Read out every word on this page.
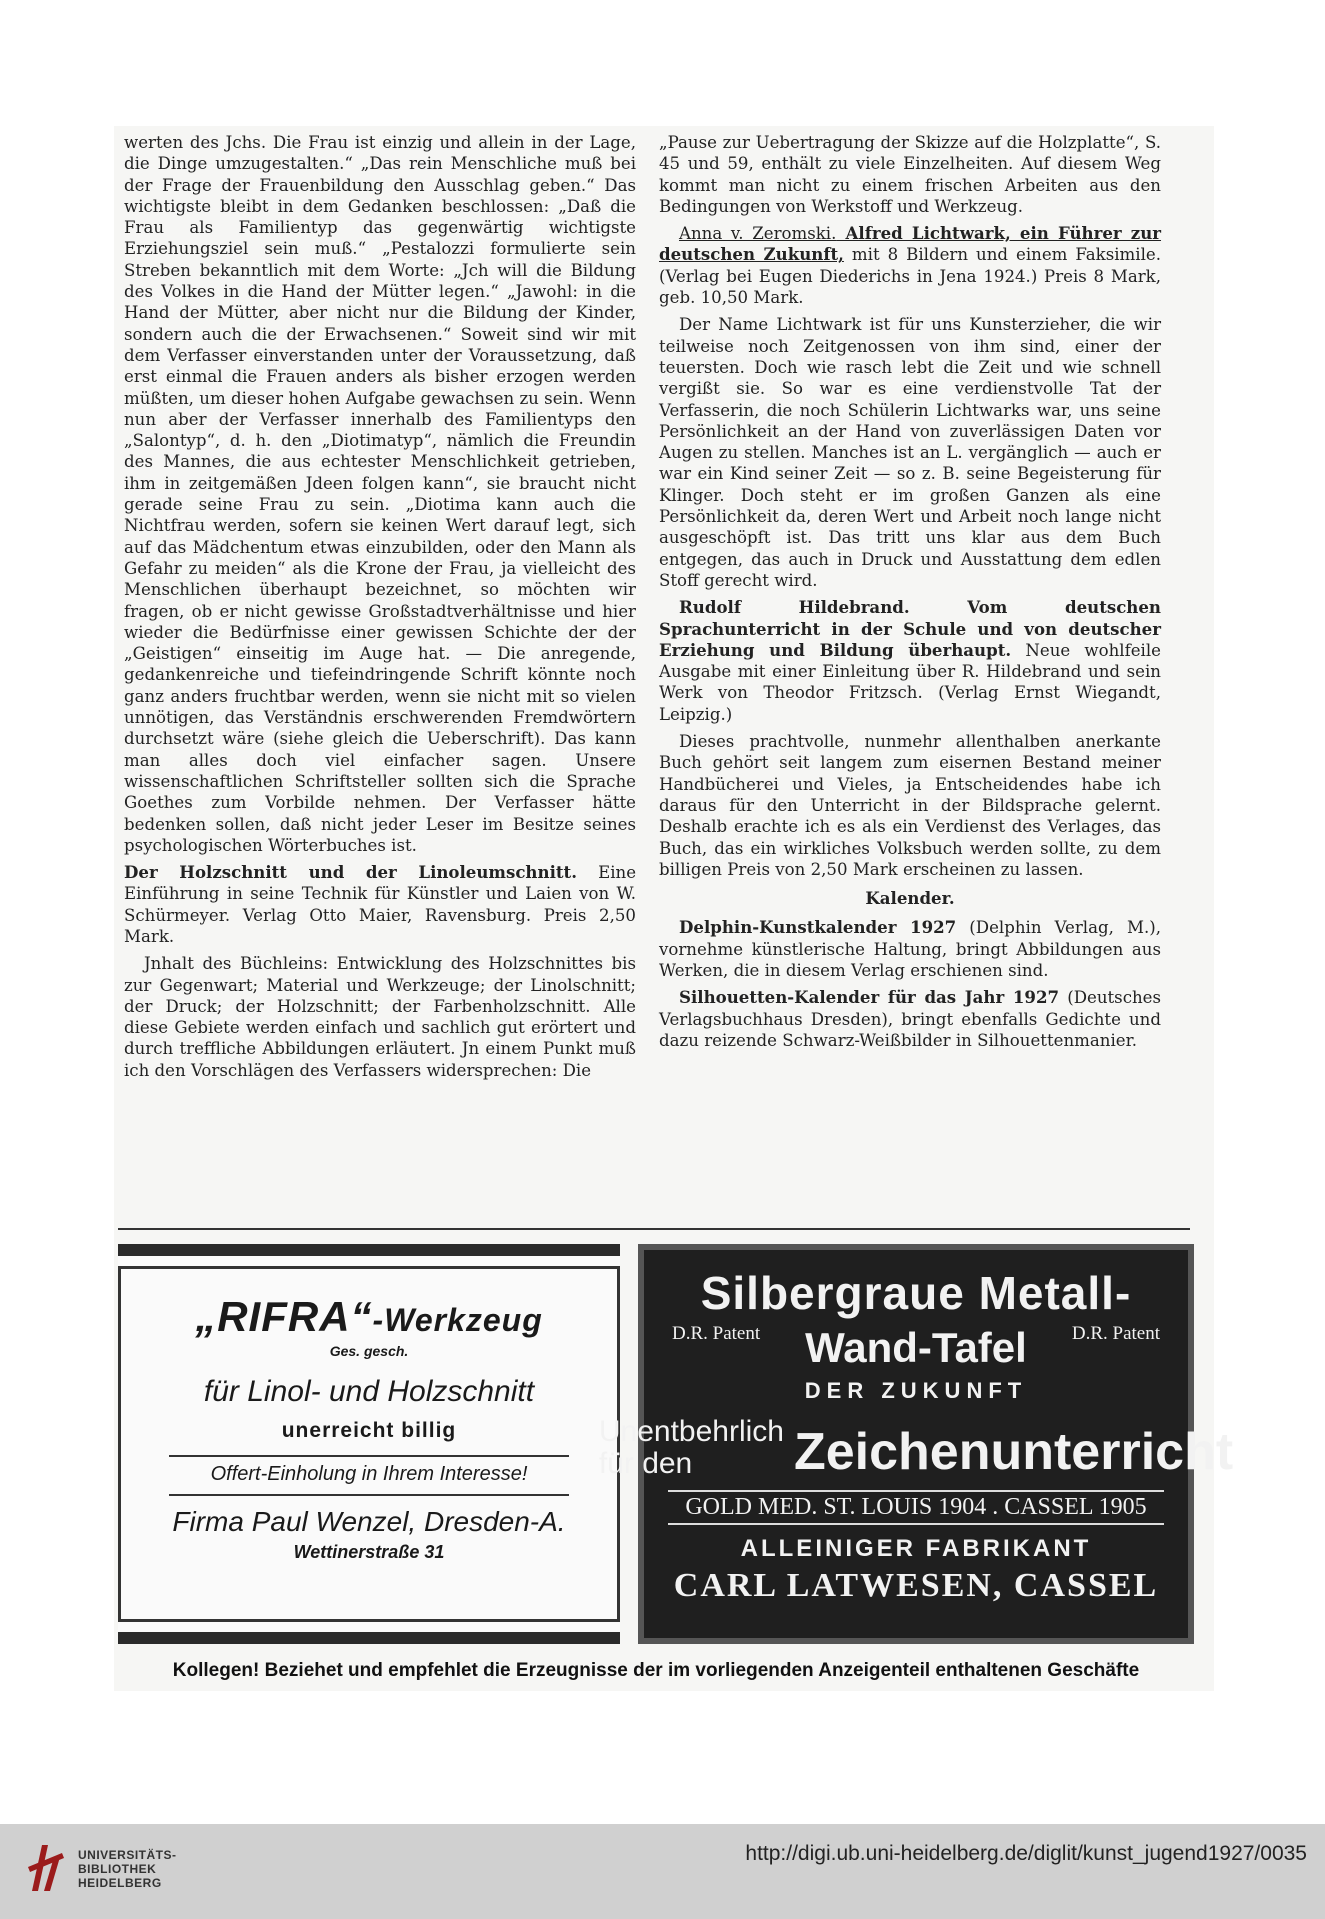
werten des Jchs. Die Frau ist einzig und allein in der Lage, die Dinge umzugestalten.“ „Das rein Menschliche muß bei der Frage der Frauenbildung den Ausschlag geben.“ Das wichtigste bleibt in dem Gedanken beschlossen: „Daß die Frau als Familientyp das gegenwärtig wichtigste Erziehungsziel sein muß.“ „Pestalozzi formulierte sein Streben bekanntlich mit dem Worte: „Jch will die Bildung des Volkes in die Hand der Mütter legen.“ „Jawohl: in die Hand der Mütter, aber nicht nur die Bildung der Kinder, sondern auch die der Erwachsenen.“ Soweit sind wir mit dem Verfasser einverstanden unter der Voraussetzung, daß erst einmal die Frauen anders als bisher erzogen werden müßten, um dieser hohen Aufgabe gewachsen zu sein. Wenn nun aber der Verfasser innerhalb des Familientyps den „Salontyp“, d. h. den „Diotimatyp“, nämlich die Freundin des Mannes, die aus echtester Menschlichkeit getrieben, ihm in zeitgemäßen Jdeen folgen kann“, sie braucht nicht gerade seine Frau zu sein. „Diotima kann auch die Nichtfrau werden, sofern sie keinen Wert darauf legt, sich auf das Mädchentum etwas einzubilden, oder den Mann als Gefahr zu meiden“ als die Krone der Frau, ja vielleicht des Menschlichen überhaupt bezeichnet, so möchten wir fragen, ob er nicht gewisse Großstadtverhältnisse und hier wieder die Bedürfnisse einer gewissen Schichte der der „Geistigen“ einseitig im Auge hat. — Die anregende, gedankenreiche und tiefeindringende Schrift könnte noch ganz anders fruchtbar werden, wenn sie nicht mit so vielen unnötigen, das Verständnis erschwerenden Fremdwörtern durchsetzt wäre (siehe gleich die Ueberschrift). Das kann man alles doch viel einfacher sagen. Unsere wissenschaftlichen Schriftsteller sollten sich die Sprache Goethes zum Vorbilde nehmen. Der Verfasser hätte bedenken sollen, daß nicht jeder Leser im Besitze seines psychologischen Wörterbuches ist.

Der Holzschnitt und der Linoleumschnitt. Eine Einführung in seine Technik für Künstler und Laien von W. Schürmeyer. Verlag Otto Maier, Ravensburg. Preis 2,50 Mark.

Jnhalt des Büchleins: Entwicklung des Holzschnittes bis zur Gegenwart; Material und Werkzeuge; der Linolschnitt; der Druck; der Holzschnitt; der Farbenholzschnitt. Alle diese Gebiete werden einfach und sachlich gut erörtert und durch treffliche Abbildungen erläutert. Jn einem Punkt muß ich den Vorschlägen des Verfassers widersprechen: Die

„Pause zur Uebertragung der Skizze auf die Holzplatte“, S. 45 und 59, enthält zu viele Einzelheiten. Auf diesem Weg kommt man nicht zu einem frischen Arbeiten aus den Bedingungen von Werkstoff und Werkzeug.

Anna v. Zeromski. Alfred Lichtwark, ein Führer zur deutschen Zukunft, mit 8 Bildern und einem Faksimile. (Verlag bei Eugen Diederichs in Jena 1924.) Preis 8 Mark, geb. 10,50 Mark.

Der Name Lichtwark ist für uns Kunsterzieher, die wir teilweise noch Zeitgenossen von ihm sind, einer der teuersten. Doch wie rasch lebt die Zeit und wie schnell vergißt sie. So war es eine verdienstvolle Tat der Verfasserin, die noch Schülerin Lichtwarks war, uns seine Persönlichkeit an der Hand von zuverlässigen Daten vor Augen zu stellen. Manches ist an L. vergänglich — auch er war ein Kind seiner Zeit — so z. B. seine Begeisterung für Klinger. Doch steht er im großen Ganzen als eine Persönlichkeit da, deren Wert und Arbeit noch lange nicht ausgeschöpft ist. Das tritt uns klar aus dem Buch entgegen, das auch in Druck und Ausstattung dem edlen Stoff gerecht wird.

Rudolf Hildebrand. Vom deutschen Sprachunterricht in der Schule und von deutscher Erziehung und Bildung überhaupt. Neue wohlfeile Ausgabe mit einer Einleitung über R. Hildebrand und sein Werk von Theodor Fritzsch. (Verlag Ernst Wiegandt, Leipzig.)

Dieses prachtvolle, nunmehr allenthalben anerkante Buch gehört seit langem zum eisernen Bestand meiner Handbücherei und Vieles, ja Entscheidendes habe ich daraus für den Unterricht in der Bildsprache gelernt. Deshalb erachte ich es als ein Verdienst des Verlages, das Buch, das ein wirkliches Volksbuch werden sollte, zu dem billigen Preis von 2,50 Mark erscheinen zu lassen.

Kalender.

Delphin-Kunstkalender 1927 (Delphin Verlag, M.), vornehme künstlerische Haltung, bringt Abbildungen aus Werken, die in diesem Verlag erschienen sind.

Silhouetten-Kalender für das Jahr 1927 (Deutsches Verlagsbuchhaus Dresden), bringt ebenfalls Gedichte und dazu reizende Schwarz-Weißbilder in Silhouettenmanier.

„RIFRA“-Werkzeug
Ges. gesch.
für Linol- und Holzschnitt
unerreicht billig
Offert-Einholung in Ihrem Interesse!
Firma Paul Wenzel, Dresden-A.
Wettinerstraße 31
Silbergraue Metall-
D.R. Patent	Wand-Tafel	D.R. Patent
DER ZUKUNFT
Unentbehrlich für den	Zeichenunterricht
GOLD MED. ST. LOUIS 1904 . CASSEL 1905
ALLEINIGER FABRIKANT
CARL LATWESEN, CASSEL
Kollegen! Beziehet und empfehlet die Erzeugnisse der im vorliegenden Anzeigenteil enthaltenen Geschäfte
UNIVERSITÄTS-
BIBLIOTHEK
HEIDELBERG
http://digi.ub.uni-heidelberg.de/diglit/kunst_jugend1927/0035
